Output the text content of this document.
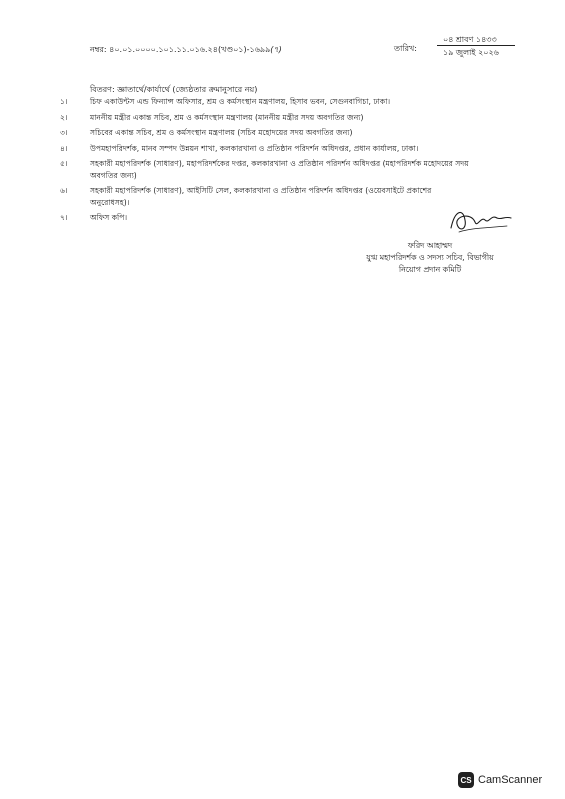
নম্বর: ৪০.০১.০০০০.১০১.১১.০১৬.২৪(খণ্ড০১)-১৬৯৯(৭)	তারিখ:
০৪ শ্রাবণ ১৪৩৩
১৯ জুলাই ২০২৬
বিতরণ: জ্ঞাতার্থে/কার্যার্থে (জ্যেষ্ঠতার ক্রমানুসারে নয়)
১।	চিফ একাউন্টস এন্ড ফিন্যান্স অফিসার, শ্রম ও কর্মসংস্থান মন্ত্রণালয়, হিসাব ভবন, সেগুনবাগিচা, ঢাকা।
২।	মাননীয় মন্ত্রীর একান্ত সচিব, শ্রম ও কর্মসংস্থান মন্ত্রণালয় (মাননীয় মন্ত্রীর সদয় অবগতির জন্য)
৩।	সচিবের একান্ত সচিব, শ্রম ও কর্মসংস্থান মন্ত্রণালয় (সচিব মহোদয়ের সদয় অবগতির জন্য)
৪।	উপমহাপরিদর্শক, মানব সম্পদ উন্নয়ন শাখা, কলকারখানা ও প্রতিষ্ঠান পরিদর্শন অধিদপ্তর, প্রধান কার্যালয়, ঢাকা।
৫।	সহকারী মহাপরিদর্শক (সাধারণ), মহাপরিদর্শকের দপ্তর, কলকারখানা ও প্রতিষ্ঠান পরিদর্শন অধিদপ্তর (মহাপরিদর্শক মহোদয়ের সদয় অবগতির জন্য)
৬।	সহকারী মহাপরিদর্শক (সাধারণ), আইসিটি সেল, কলকারখানা ও প্রতিষ্ঠান পরিদর্শন অধিদপ্তর (ওয়েবসাইটে প্রকাশের অনুরোধসহ)।
৭।	অফিস কপি।
ফরিদ আহাম্মদ
যুগ্ম মহাপরিদর্শক ও সদস্য সচিব, বিভাগীয়
নিয়োগ প্রদান কমিটি
CS CamScanner
